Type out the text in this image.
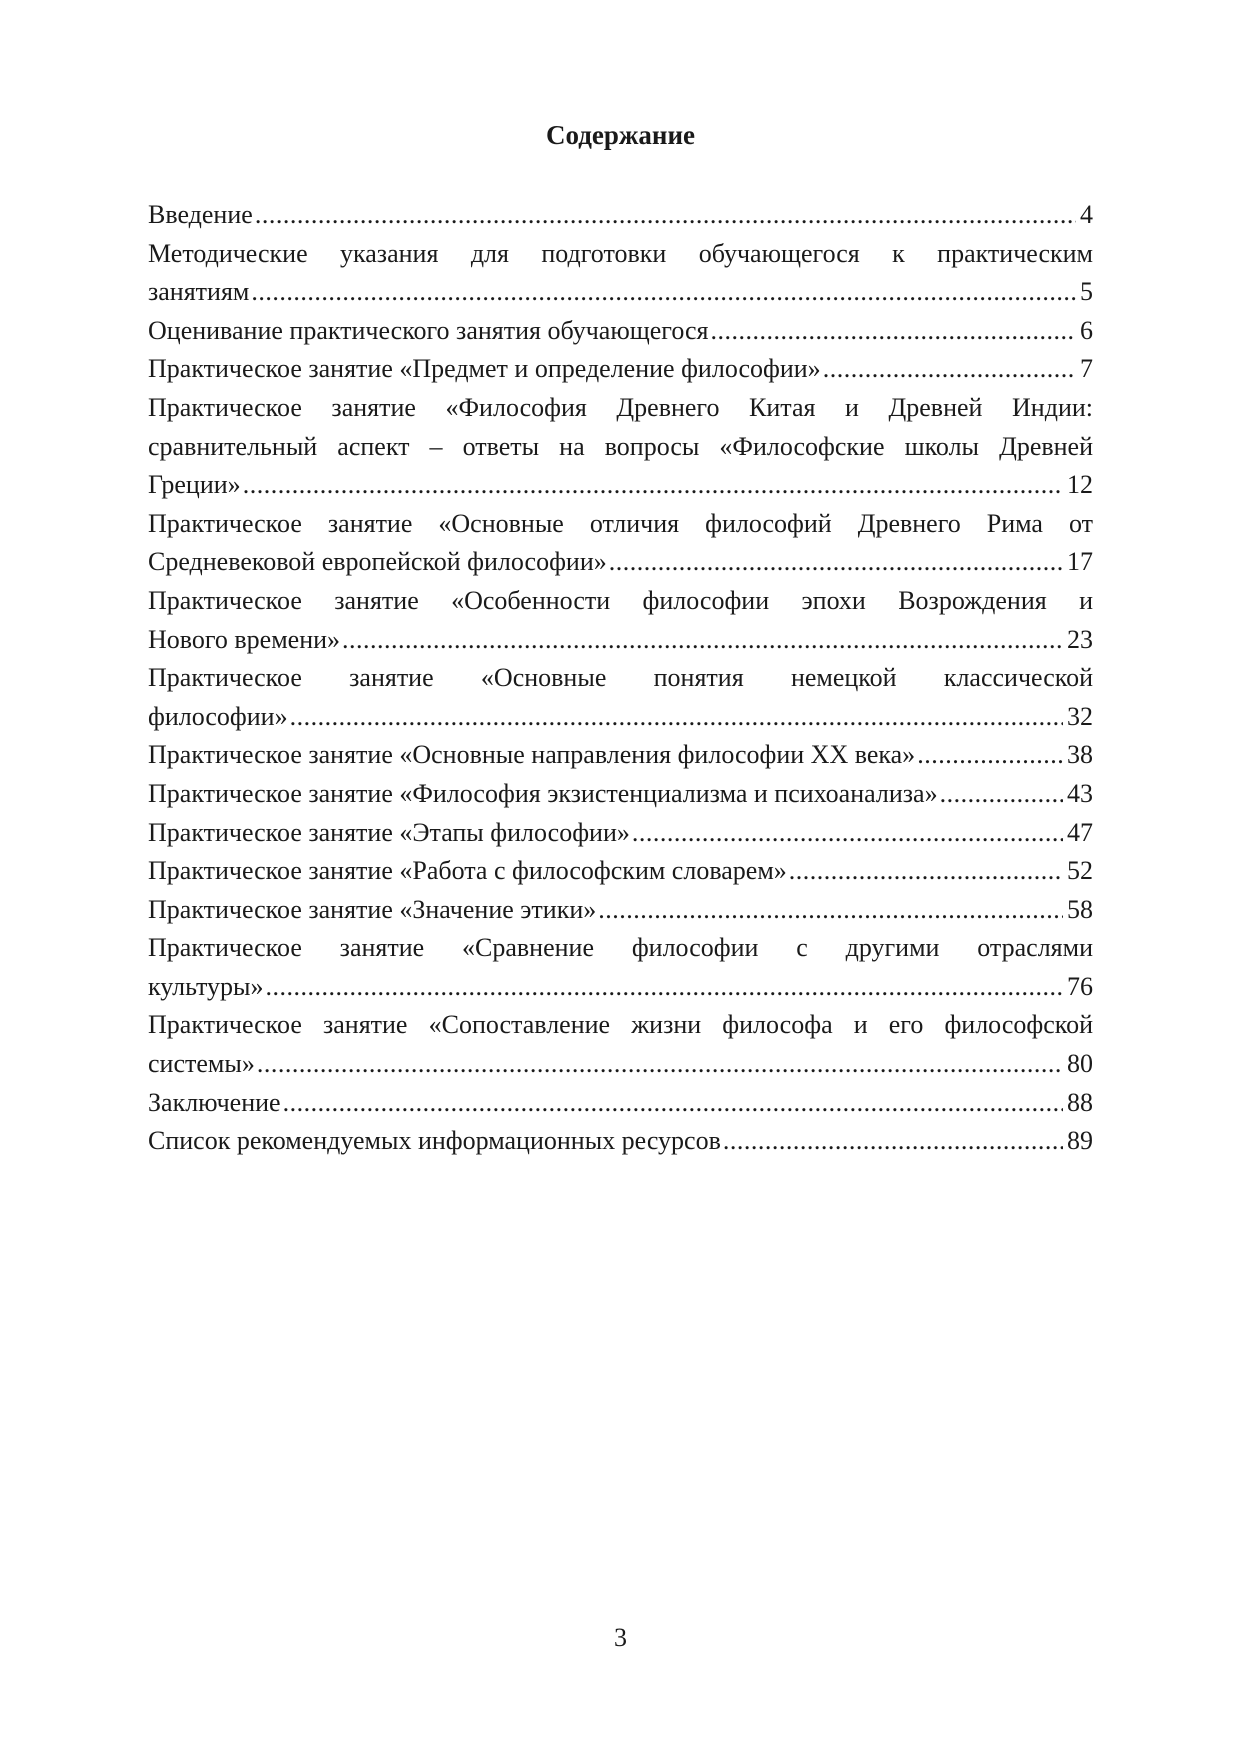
Содержание
Введение .....	4
Методические указания для подготовки обучающегося к практическим
занятиям .....	5
Оценивание практического занятия обучающегося .....	6
Практическое занятие «Предмет и определение философии» .....	7
Практическое занятие «Философия Древнего Китая и Древней Индии:
сравнительный аспект – ответы на вопросы «Философские школы Древней
Греции» .....	12
Практическое занятие «Основные отличия философий Древнего Рима от
Средневековой европейской философии» .....	17
Практическое занятие «Особенности философии эпохи Возрождения и
Нового времени» .....	23
Практическое занятие «Основные понятия немецкой классической
философии» .....	32
Практическое занятие «Основные направления философии XX века» .....	38
Практическое занятие «Философия экзистенциализма и психоанализа» .....	43
Практическое занятие «Этапы философии» .....	47
Практическое занятие «Работа с философским словарем» .....	52
Практическое занятие «Значение этики» .....	58
Практическое занятие «Сравнение философии с другими отраслями
культуры» .....	76
Практическое занятие «Сопоставление жизни философа и его философской
системы» .....	80
Заключение .....	88
Список рекомендуемых информационных ресурсов .....	89
3
